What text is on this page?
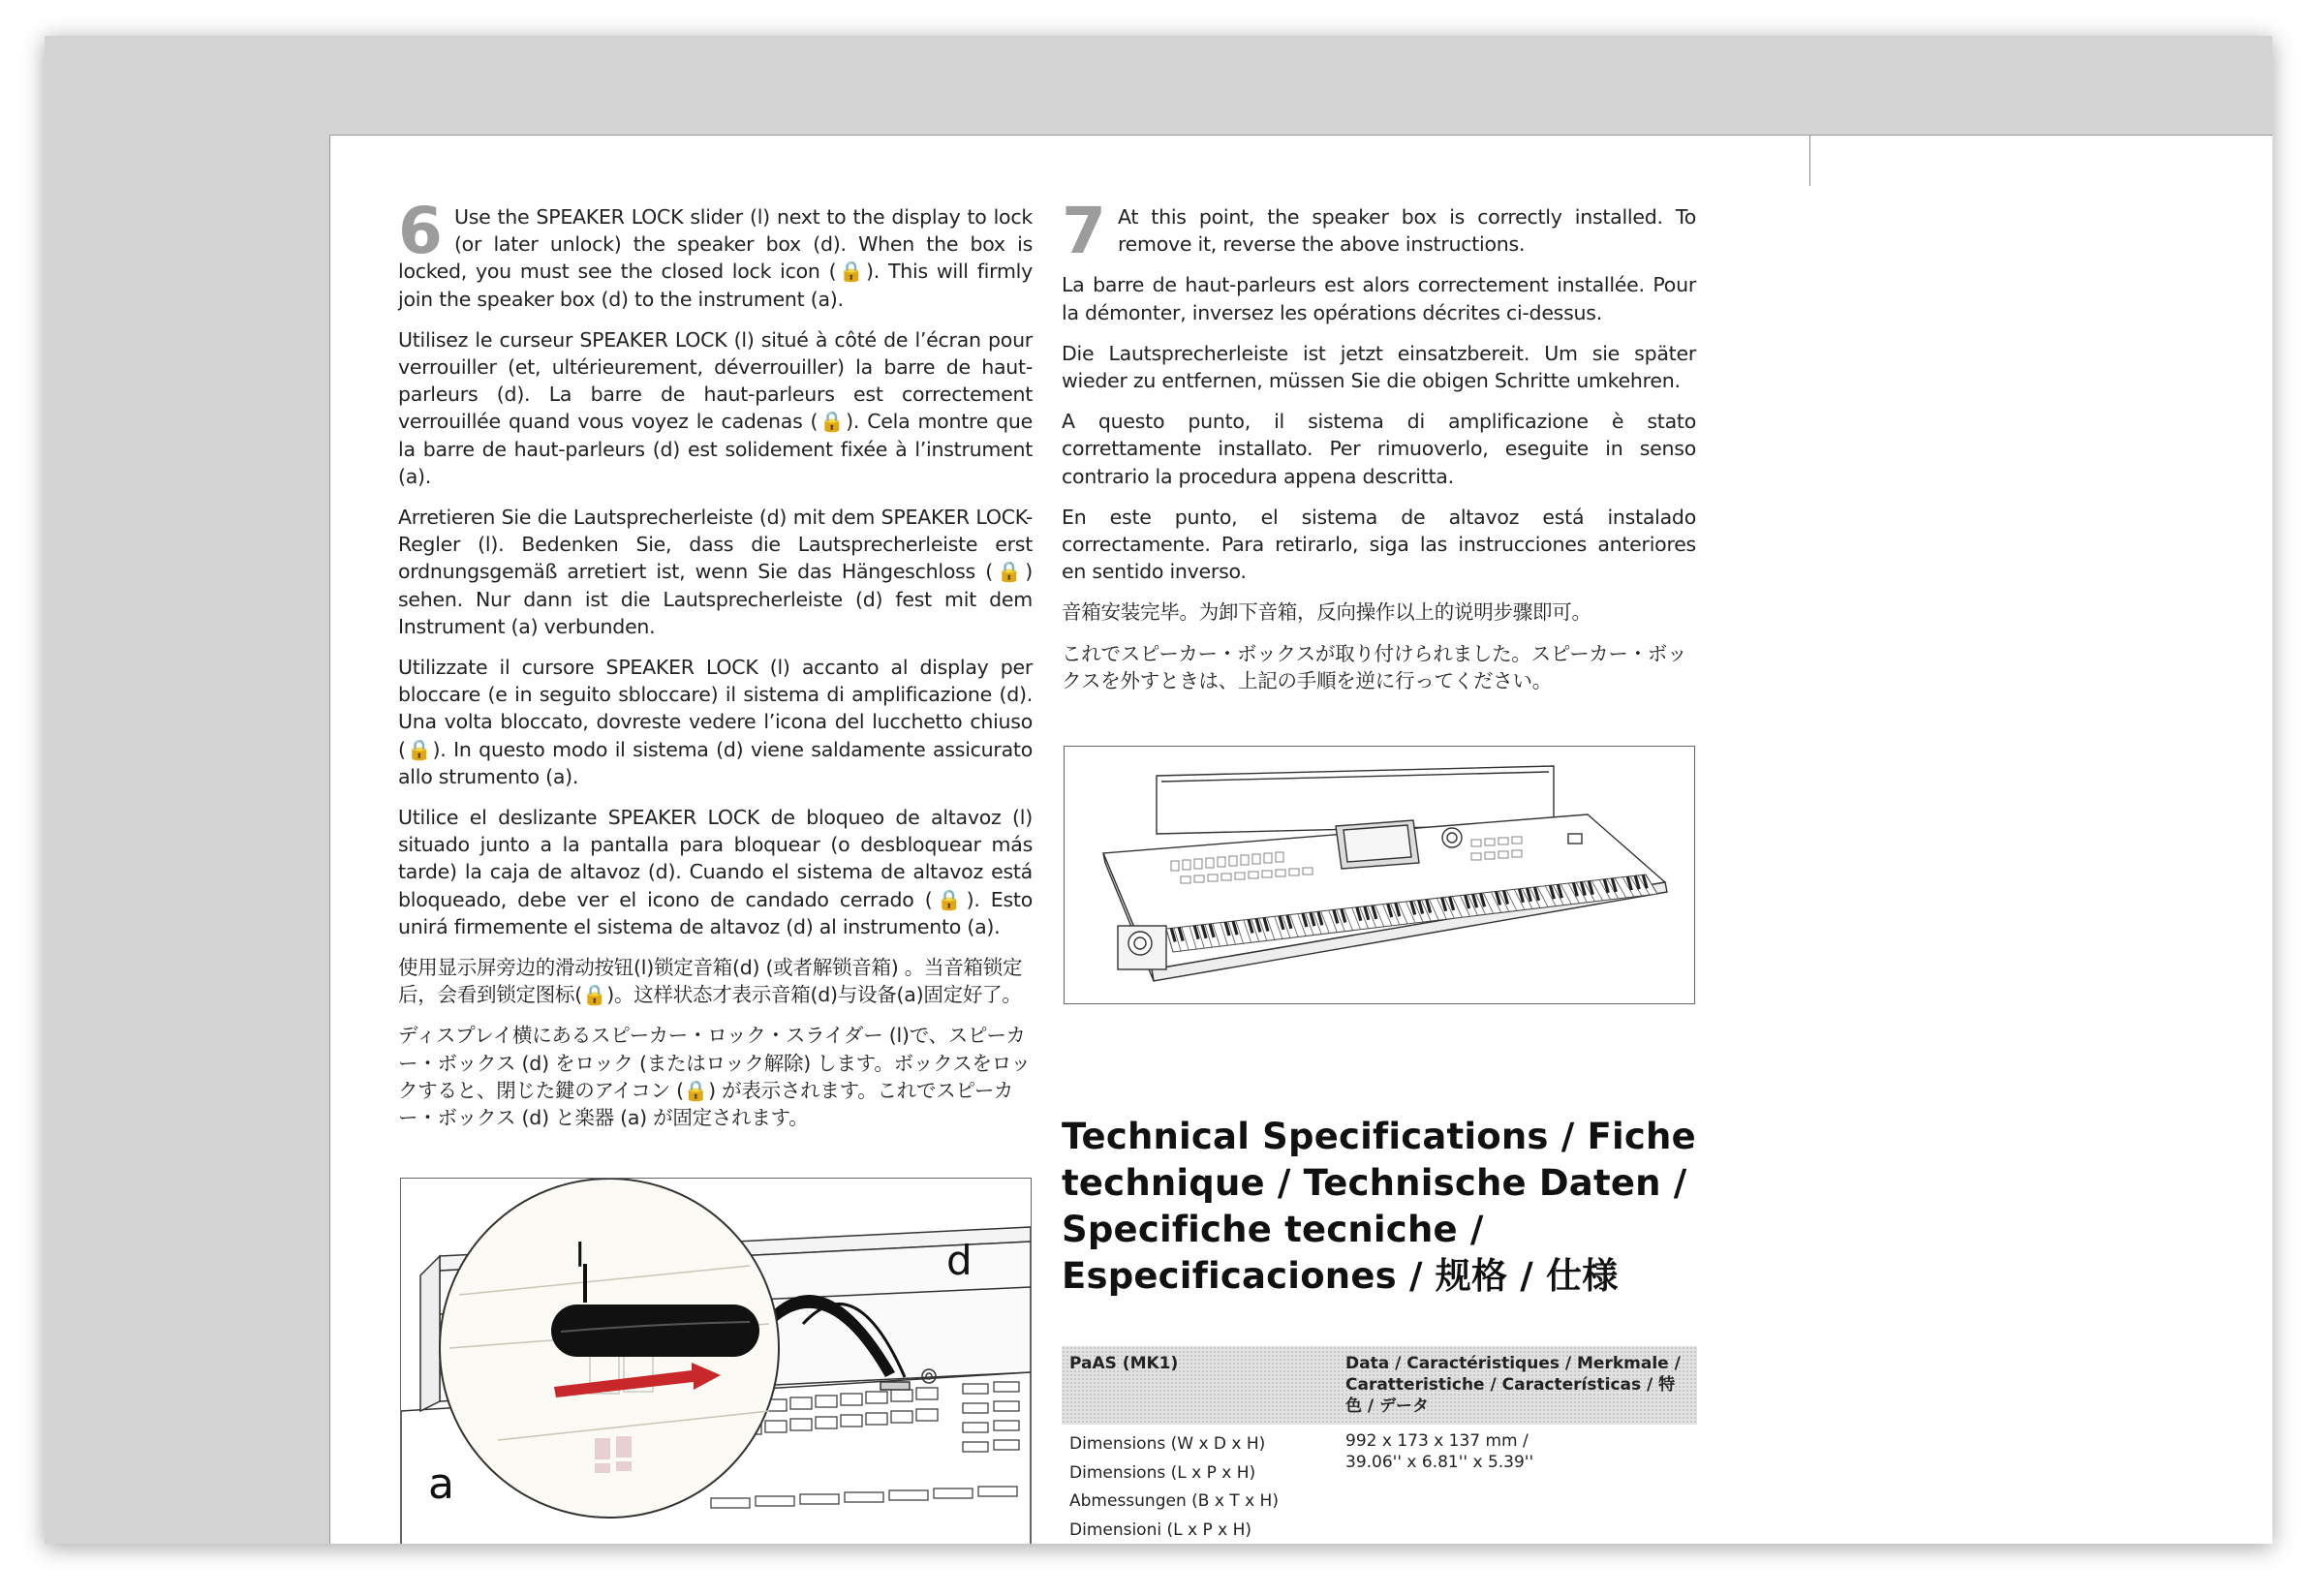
6 Use the SPEAKER LOCK slider (l) next to the display to lock (or later unlock) the speaker box (d). When the box is locked, you must see the closed lock icon (🔒). This will firmly join the speaker box (d) to the instrument (a).

Utilisez le curseur SPEAKER LOCK (l) situé à côté de l’écran pour verrouiller (et, ultérieurement, déverrouiller) la barre de haut-parleurs (d). La barre de haut-parleurs est correctement verrouillée quand vous voyez le cadenas (🔒). Cela montre que la barre de haut-parleurs (d) est solidement fixée à l’instrument (a).

Arretieren Sie die Lautsprecherleiste (d) mit dem SPEAKER LOCK-Regler (l). Bedenken Sie, dass die Lautsprecherleiste erst ordnungsgemäß arretiert ist, wenn Sie das Hängeschloss (🔒) sehen. Nur dann ist die Lautsprecherleiste (d) fest mit dem Instrument (a) verbunden.

Utilizzate il cursore SPEAKER LOCK (l) accanto al display per bloccare (e in seguito sbloccare) il sistema di amplificazione (d). Una volta bloccato, dovreste vedere l’icona del lucchetto chiuso (🔒). In questo modo il sistema (d) viene saldamente assicurato allo strumento (a).

Utilice el deslizante SPEAKER LOCK de bloqueo de altavoz (l) situado junto a la pantalla para bloquear (o desbloquear más tarde) la caja de altavoz (d). Cuando el sistema de altavoz está bloqueado, debe ver el icono de candado cerrado (🔒). Esto unirá firmemente el sistema de altavoz (d) al instrumento (a).

使用显示屏旁边的滑动按钮(l)锁定音箱(d) (或者解锁音箱) 。当音箱锁定后，会看到锁定图标(🔒)。这样状态才表示音箱(d)与设备(a)固定好了。

ディスプレイ横にあるスピーカー・ロック・スライダー (l)で、スピーカー・ボックス (d) をロック (またはロック解除) します。ボックスをロックすると、閉じた鍵のアイコン (🔒) が表示されます。これでスピーカー・ボックス (d) と楽器 (a) が固定されます。

l	d
a

7 At this point, the speaker box is correctly installed. To remove it, reverse the above instructions.

La barre de haut-parleurs est alors correctement installée. Pour la démonter, inversez les opérations décrites ci-dessus.

Die Lautsprecherleiste ist jetzt einsatzbereit. Um sie später wieder zu entfernen, müssen Sie die obigen Schritte umkehren.

A questo punto, il sistema di amplificazione è stato correttamente installato. Per rimuoverlo, eseguite in senso contrario la procedura appena descritta.

En este punto, el sistema de altavoz está instalado correctamente. Para retirarlo, siga las instrucciones anteriores en sentido inverso.

音箱安装完毕。为卸下音箱，反向操作以上的说明步骤即可。

これでスピーカー・ボックスが取り付けられました。スピーカー・ボックスを外すときは、上記の手順を逆に行ってください。

Technical Specifications / Fiche technique / Technische Daten / Specifiche tecniche / Especificaciones / 规格 / 仕様
PaAS (MK1)	Data / Caractéristiques / Merkmale / Caratteristiche / Características / 特色 / データ
Dimensions (W x D x H)
Dimensions (L x P x H)
Abmessungen (B x T x H)
Dimensioni (L x P x H)
992 x 173 x 137 mm /
39.06'' x 6.81'' x 5.39''
